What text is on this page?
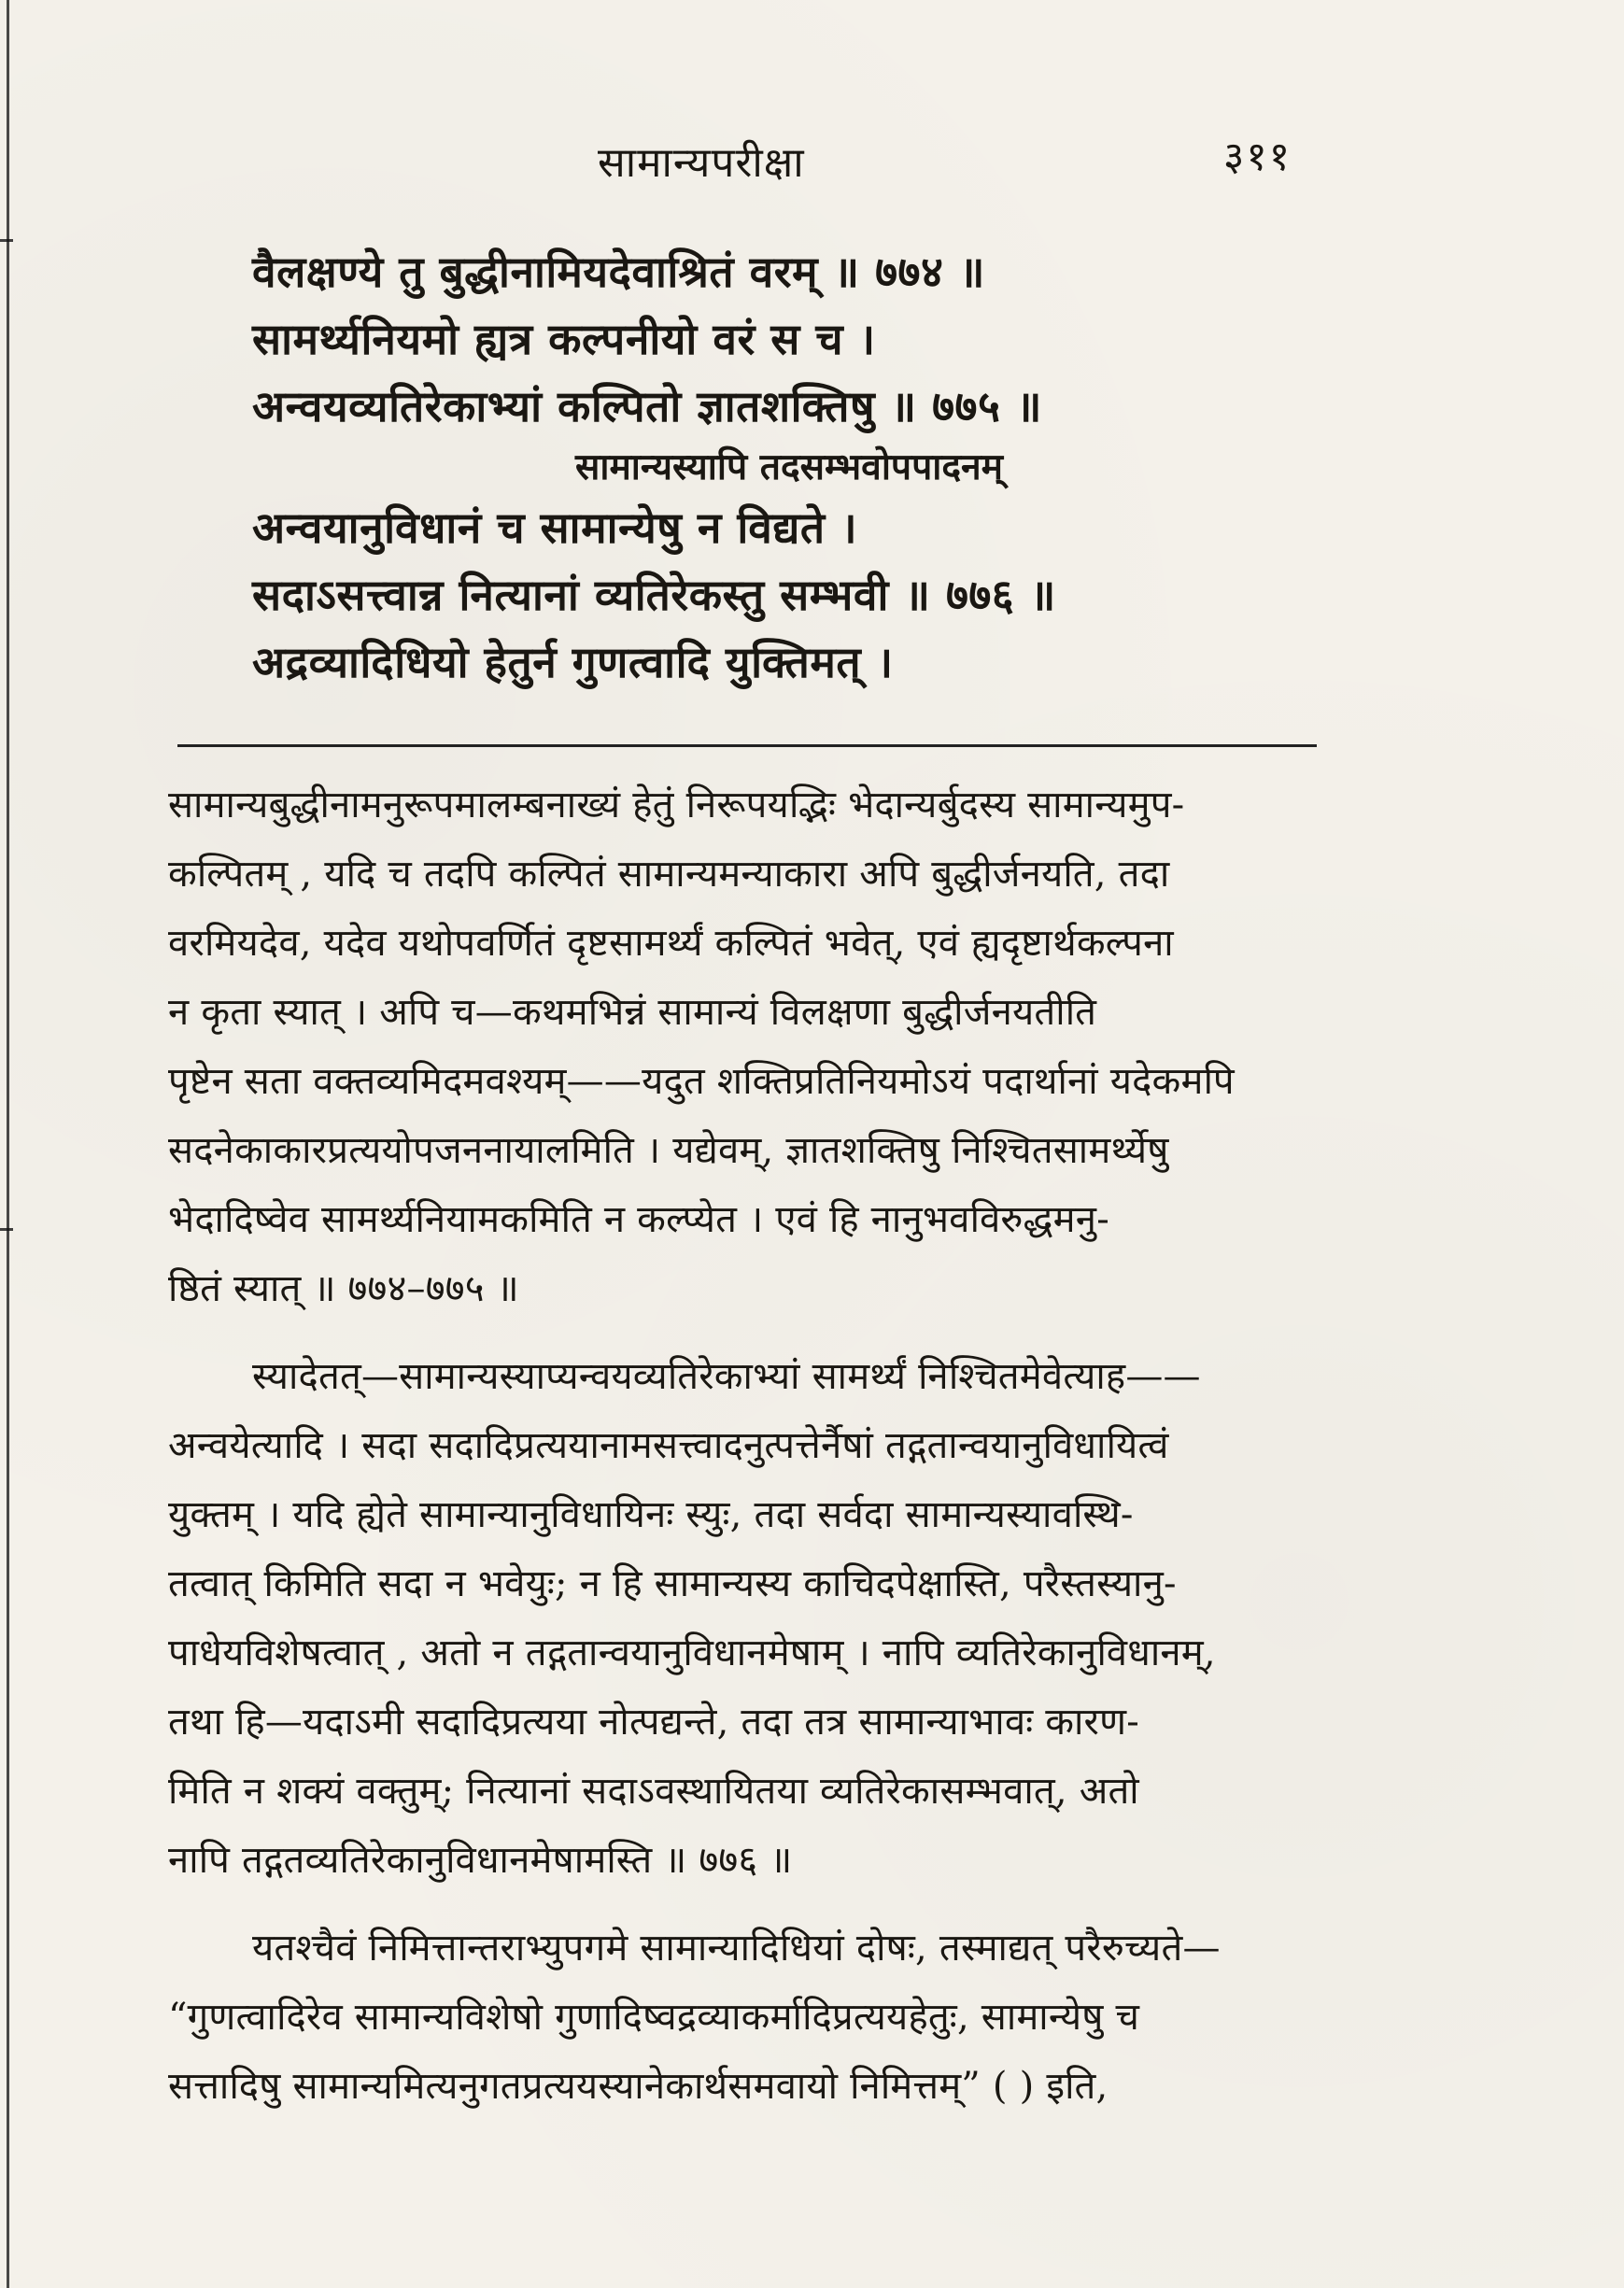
सामान्यपरीक्षा	३११
वैलक्षण्ये तु बुद्धीनामियदेवाश्रितं वरम् ॥ ७७४ ॥
सामर्थ्यनियमो ह्यत्र कल्पनीयो वरं स च ।
अन्वयव्यतिरेकाभ्यां कल्पितो ज्ञातशक्तिषु ॥ ७७५ ॥
सामान्यस्यापि तदसम्भवोपपादनम्
अन्वयानुविधानं च सामान्येषु न विद्यते ।
सदाऽसत्त्वान्न नित्यानां व्यतिरेकस्तु सम्भवी ॥ ७७६ ॥
अद्रव्यादिधियो हेतुर्न गुणत्वादि युक्तिमत् ।
सामान्यबुद्धीनामनुरूपमालम्बनाख्यं हेतुं निरूपयद्भिः भेदान्यर्बुदस्य सामान्यमुप-
कल्पितम् , यदि च तदपि कल्पितं सामान्यमन्याकारा अपि बुद्धीर्जनयति, तदा
वरमियदेव, यदेव यथोपवर्णितं दृष्टसामर्थ्यं कल्पितं भवेत्, एवं ह्यदृष्टार्थकल्पना
न कृता स्यात् । अपि च—कथमभिन्नं सामान्यं विलक्षणा बुद्धीर्जनयतीति
पृष्टेन सता वक्तव्यमिदमवश्यम्——यदुत शक्तिप्रतिनियमोऽयं पदार्थानां यदेकमपि
सदनेकाकारप्रत्ययोपजननायालमिति । यद्येवम्, ज्ञातशक्तिषु निश्चितसामर्थ्येषु
भेदादिष्वेव सामर्थ्यनियामकमिति न कल्प्येत । एवं हि नानुभवविरुद्धमनु-
ष्ठितं स्यात् ॥ ७७४–७७५ ॥
स्यादेतत्—सामान्यस्याप्यन्वयव्यतिरेकाभ्यां सामर्थ्यं निश्चितमेवेत्याह——
अन्वयेत्यादि । सदा सदादिप्रत्ययानामसत्त्वादनुत्पत्तेर्नैषां तद्गतान्वयानुविधायित्वं
युक्तम् । यदि ह्येते सामान्यानुविधायिनः स्युः, तदा सर्वदा सामान्यस्यावस्थि-
तत्वात् किमिति सदा न भवेयुः; न हि सामान्यस्य काचिदपेक्षास्ति, परैस्तस्यानु-
पाधेयविशेषत्वात् , अतो न तद्गतान्वयानुविधानमेषाम् । नापि व्यतिरेकानुविधानम्,
तथा हि—यदाऽमी सदादिप्रत्यया नोत्पद्यन्ते, तदा तत्र सामान्याभावः कारण-
मिति न शक्यं वक्तुम्; नित्यानां सदाऽवस्थायितया व्यतिरेकासम्भवात्, अतो
नापि तद्गतव्यतिरेकानुविधानमेषामस्ति ॥ ७७६ ॥
यतश्चैवं निमित्तान्तराभ्युपगमे सामान्यादिधियां दोषः, तस्माद्यत् परैरुच्यते—
“गुणत्वादिरेव सामान्यविशेषो गुणादिष्वद्रव्याकर्मादिप्रत्ययहेतुः, सामान्येषु च
सत्तादिषु सामान्यमित्यनुगतप्रत्ययस्यानेकार्थसमवायो निमित्तम्” ( ) इति,
